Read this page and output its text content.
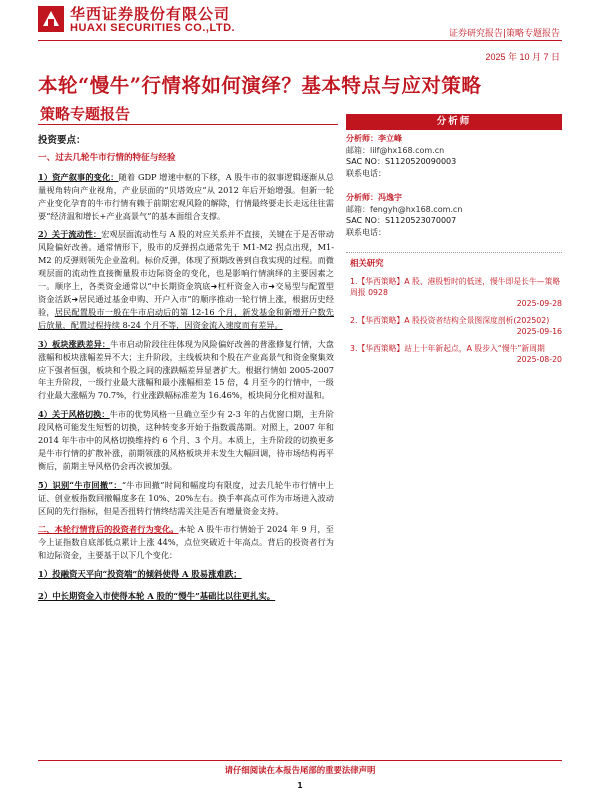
华西证券股份有限公司
HUAXI SECURITIES CO.,LTD.	证券研究报告|策略专题报告
2025 年 10 月 7 日
本轮“慢牛”行情将如何演绎？基本特点与应对策略
策略专题报告
投资要点：
一、过去几轮牛市行情的特征与经验

1）资产叙事的变化：随着 GDP 增速中枢的下移，A 股牛市的叙事逻辑逐渐从总量视角转向产业视角，产业层面的“贝塔效应”从 2012 年后开始增强。但新一轮产业变化孕育的牛市行情有赖于前期宏观风险的解除，行情最终要走长走远往往需要“经济温和增长+产业高景气”的基本面组合支撑。

2）关于流动性：宏观层面流动性与 A 股的对应关系并不直接，关键在于是否带动风险偏好改善。通常情形下，股市的反弹拐点通常先于 M1-M2 拐点出现，M1-M2 的反弹则领先企业盈利。标价反弹，体现了预期改善到自我实现的过程。而微观层面的流动性直接衡量股市边际资金的变化，也是影响行情演绎的主要因素之一。顺序上，各类资金通常以“中长期资金筑底➜杠杆资金入市➜交易型与配置型资金活跃➜居民通过基金申购、开户入市”的顺序推动一轮行情上涨，根据历史经验，居民配置股市一般在牛市启动后的第 12-16 个月，新发基金和新增开户数先后放量，配置过程持续 8-24 个月不等，因资金流入速度而有差异。

3）板块涨跌差异：牛市启动阶段往往体现为风险偏好改善的普涨修复行情，大盘涨幅和板块涨幅差异不大；主升阶段，主线板块和个股在产业高景气和资金聚集效应下强者恒强，板块和个股之间的涨跌幅差异显著扩大。根据行情如 2005-2007 年主升阶段，一级行业最大涨幅和最小涨幅相差 15 倍，4 月至今的行情中，一级行业最大涨幅为 70.7%，行业涨跌幅标准差为 16.46%，板块间分化相对温和。

4）关于风格切换：牛市的优势风格一旦确立至少有 2-3 年的占优窗口期，主升阶段风格可能发生短暂的切换，这种转变多开始于指数震荡期。对照上，2007 年和 2014 年牛市中的风格切换维持约 6 个月、3 个月。本质上，主升阶段的切换更多是牛市行情的扩散补涨，前期领涨的风格板块并未发生大幅回调，待市场结构再平衡后，前期主导风格仍会再次被加强。

5）识别“牛市回撤”：“牛市回撤”时间和幅度均有限度，过去几轮牛市行情中上证、创业板指数回撤幅度多在 10%、20%左右。换手率高点可作为市场进入波动区间的先行指标，但是否扭转行情终结需关注是否有增量资金支持。

二、本轮行情背后的投资者行为变化。本轮 A 股牛市行情始于 2024 年 9 月，至今上证指数自底部低点累计上涨 44%，点位突破近十年高点。背后的投资者行为和边际资金，主要基于以下几个变化：

1）投融资天平向“投资端”的倾斜使得 A 股易涨难跌；
2）中长期资金入市使得本轮 A 股的“慢牛”基础比以往更扎实。
分析师
分析师：李立峰
邮箱：lilf@hx168.com.cn
SAC NO：S1120520090003
联系电话：
分析师：冯逸宇
邮箱：fengyh@hx168.com.cn
SAC NO：S1120523070007
联系电话：
相关研究
1.【华西策略】A 股、港股暂时的低迷，慢牛即是长牛—策略周报 0928
2025-09-28
2.【华西策略】A 股投资者结构全景图深度剖析(202502)
2025-09-16
3.【华西策略】站上十年新起点，A 股步入“慢牛”新周期
2025-08-20
请仔细阅读在本报告尾部的重要法律声明
1
